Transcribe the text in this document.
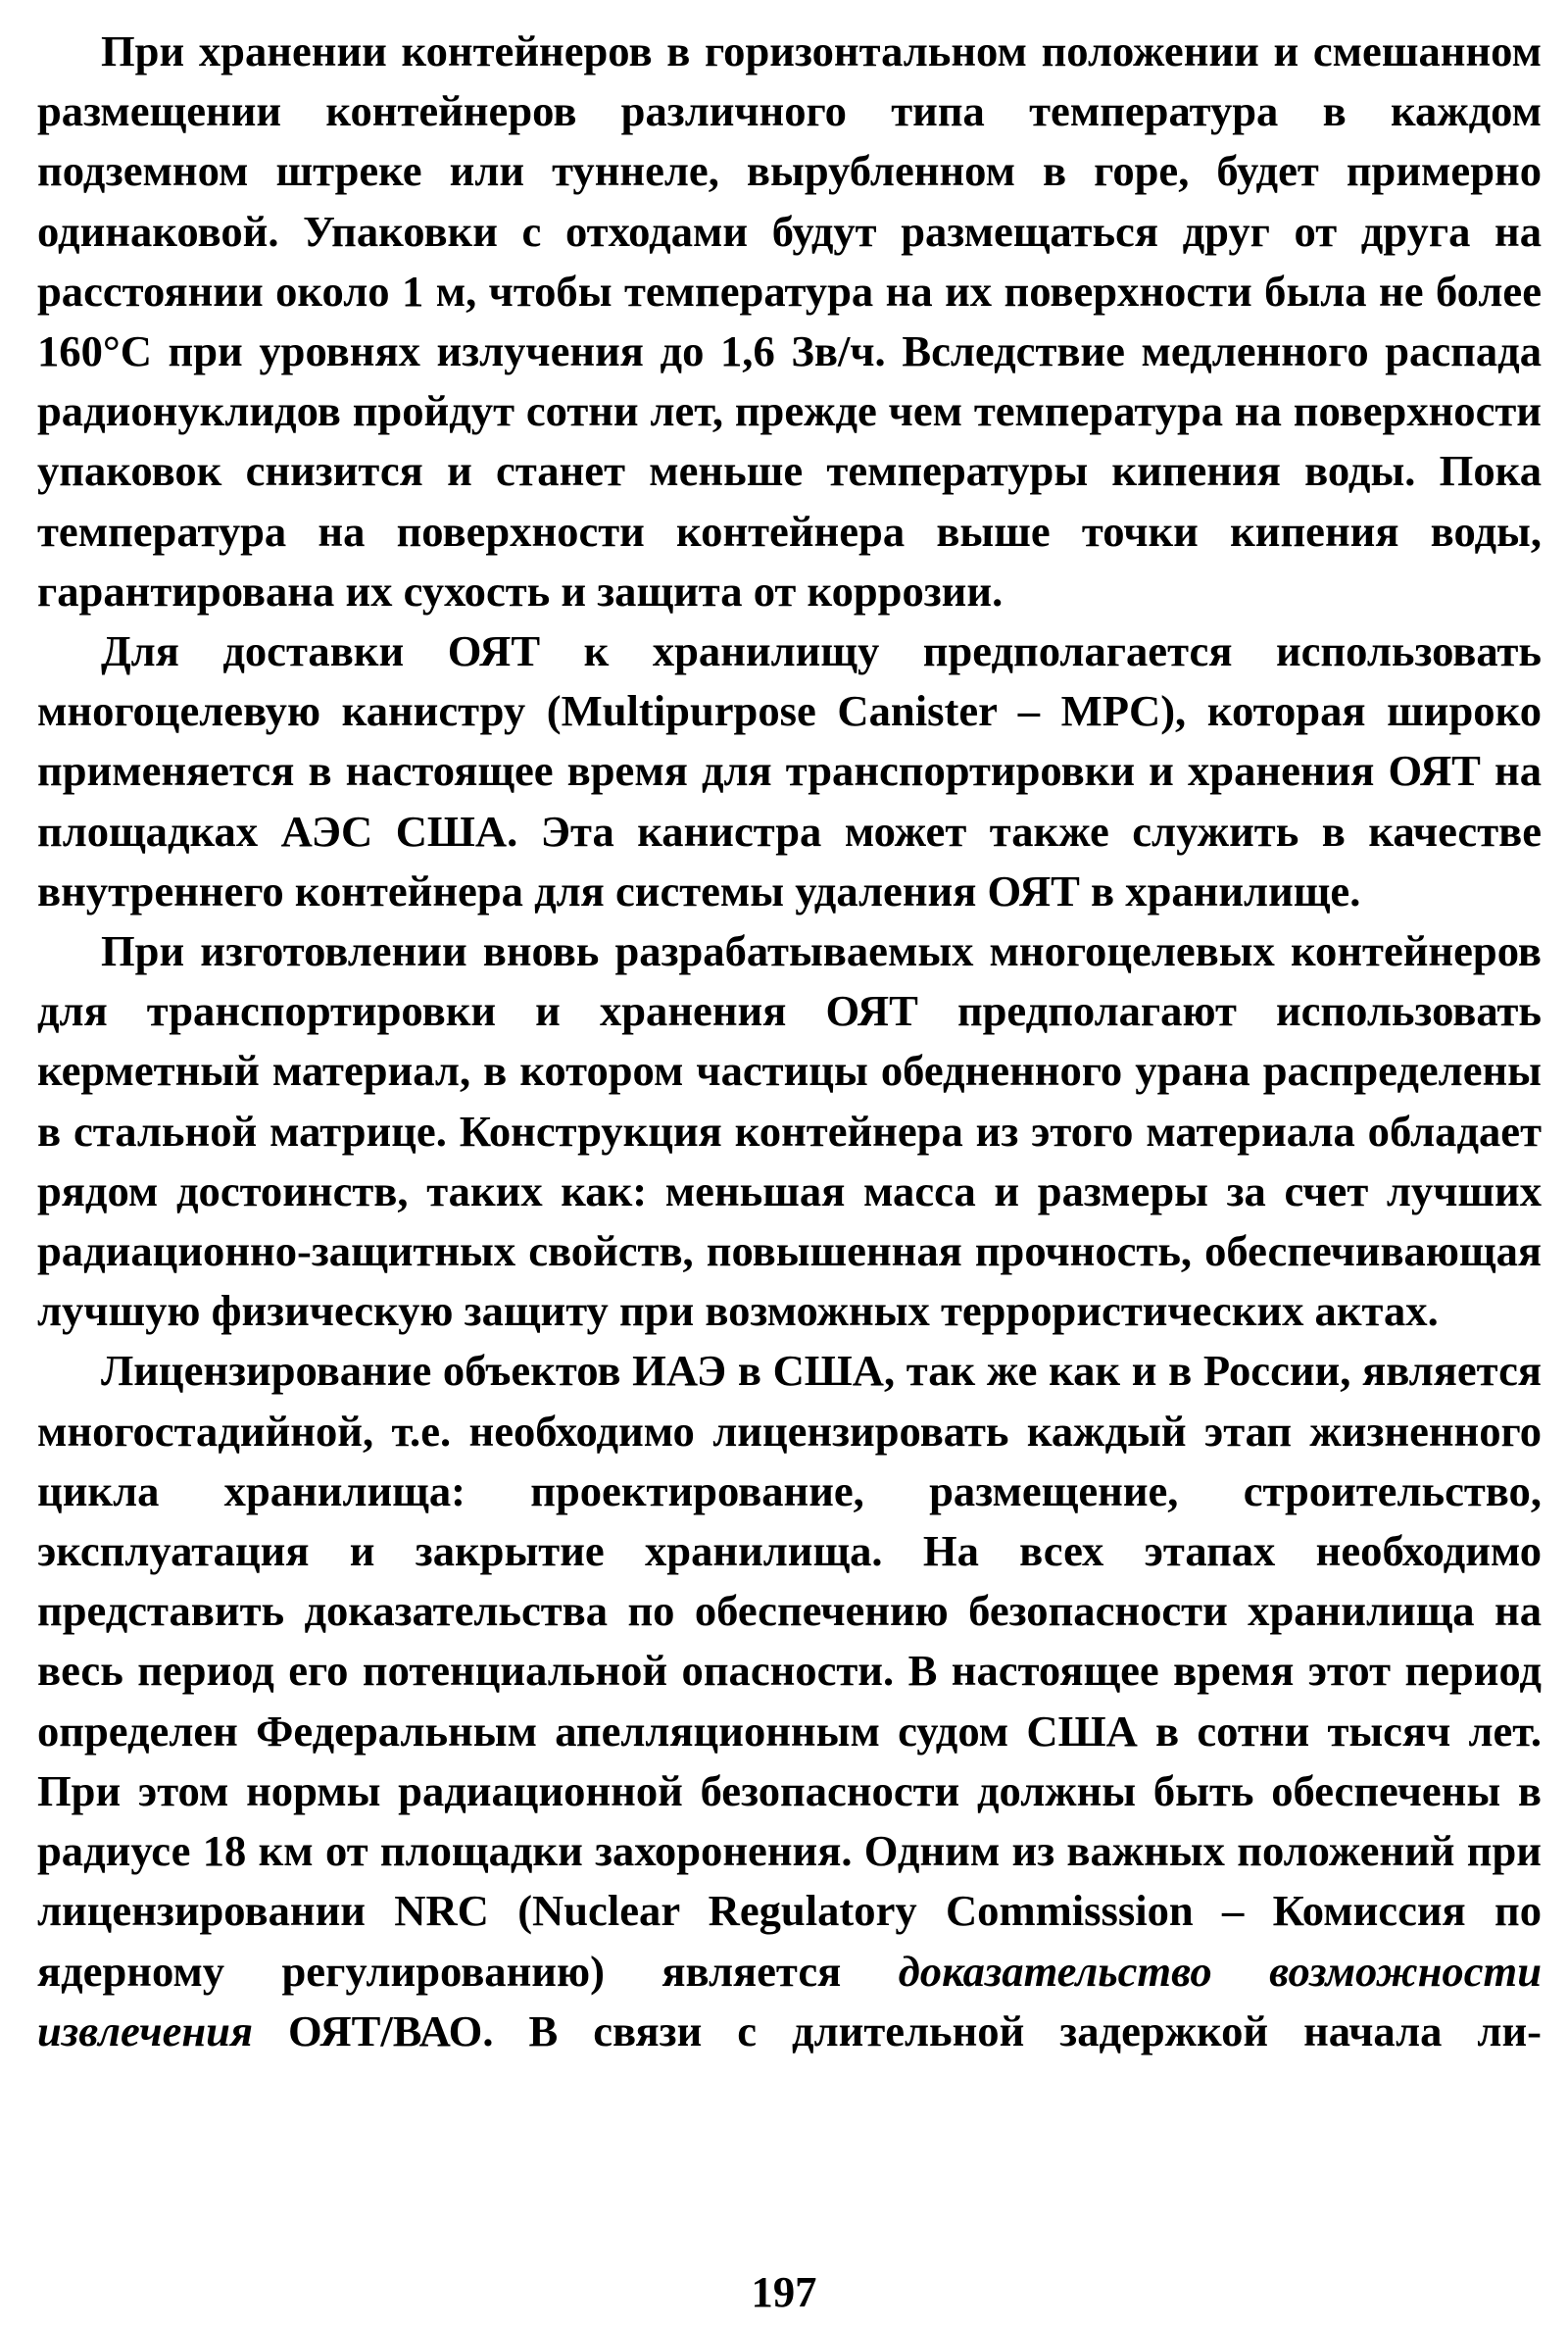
При хранении контейнеров в горизонтальном положении и смешанном размещении контейнеров различного типа температура в каждом подземном штреке или туннеле, вырубленном в горе, будет примерно одинаковой. Упаковки с отходами будут размещаться друг от друга на расстоянии около 1 м, чтобы температура на их поверхности была не более 160°С при уровнях излучения до 1,6 Зв/ч. Вследствие медленного распада радионуклидов пройдут сотни лет, прежде чем температура на поверхности упаковок снизится и станет меньше температуры кипения воды. Пока температура на поверхности контейнера выше точки кипения воды, гарантирована их сухость и защита от коррозии.

Для доставки ОЯТ к хранилищу предполагается использовать многоцелевую канистру (Multipurpose Canister – MPC), которая широко применяется в настоящее время для транспортировки и хранения ОЯТ на площадках АЭС США. Эта канистра может также служить в качестве внутреннего контейнера для системы удаления ОЯТ в хранилище.

При изготовлении вновь разрабатываемых многоцелевых контейнеров для транспортировки и хранения ОЯТ предполагают использовать керметный материал, в котором частицы обедненного урана распределены в стальной матрице. Конструкция контейнера из этого материала обладает рядом достоинств, таких как: меньшая масса и размеры за счет лучших радиационно-защитных свойств, повышенная прочность, обеспечивающая лучшую физическую защиту при возможных террористических актах.

Лицензирование объектов ИАЭ в США, так же как и в России, является многостадийной, т.е. необходимо лицензировать каждый этап жизненного цикла хранилища: проектирование, размещение, строительство, эксплуатация и закрытие хранилища. На всех этапах необходимо представить доказательства по обеспечению безопасности хранилища на весь период его потенциальной опасности. В настоящее время этот период определен Федеральным апелляционным судом США в сотни тысяч лет. При этом нормы радиационной безопасности должны быть обеспечены в радиусе 18 км от площадки захоронения. Одним из важных положений при лицензировании NRC (Nuclear Regulatory Commisssion – Комиссия по ядерному регулированию) является доказательство возможности извлечения ОЯТ/ВАО. В связи с длительной задержкой начала ли-

197
